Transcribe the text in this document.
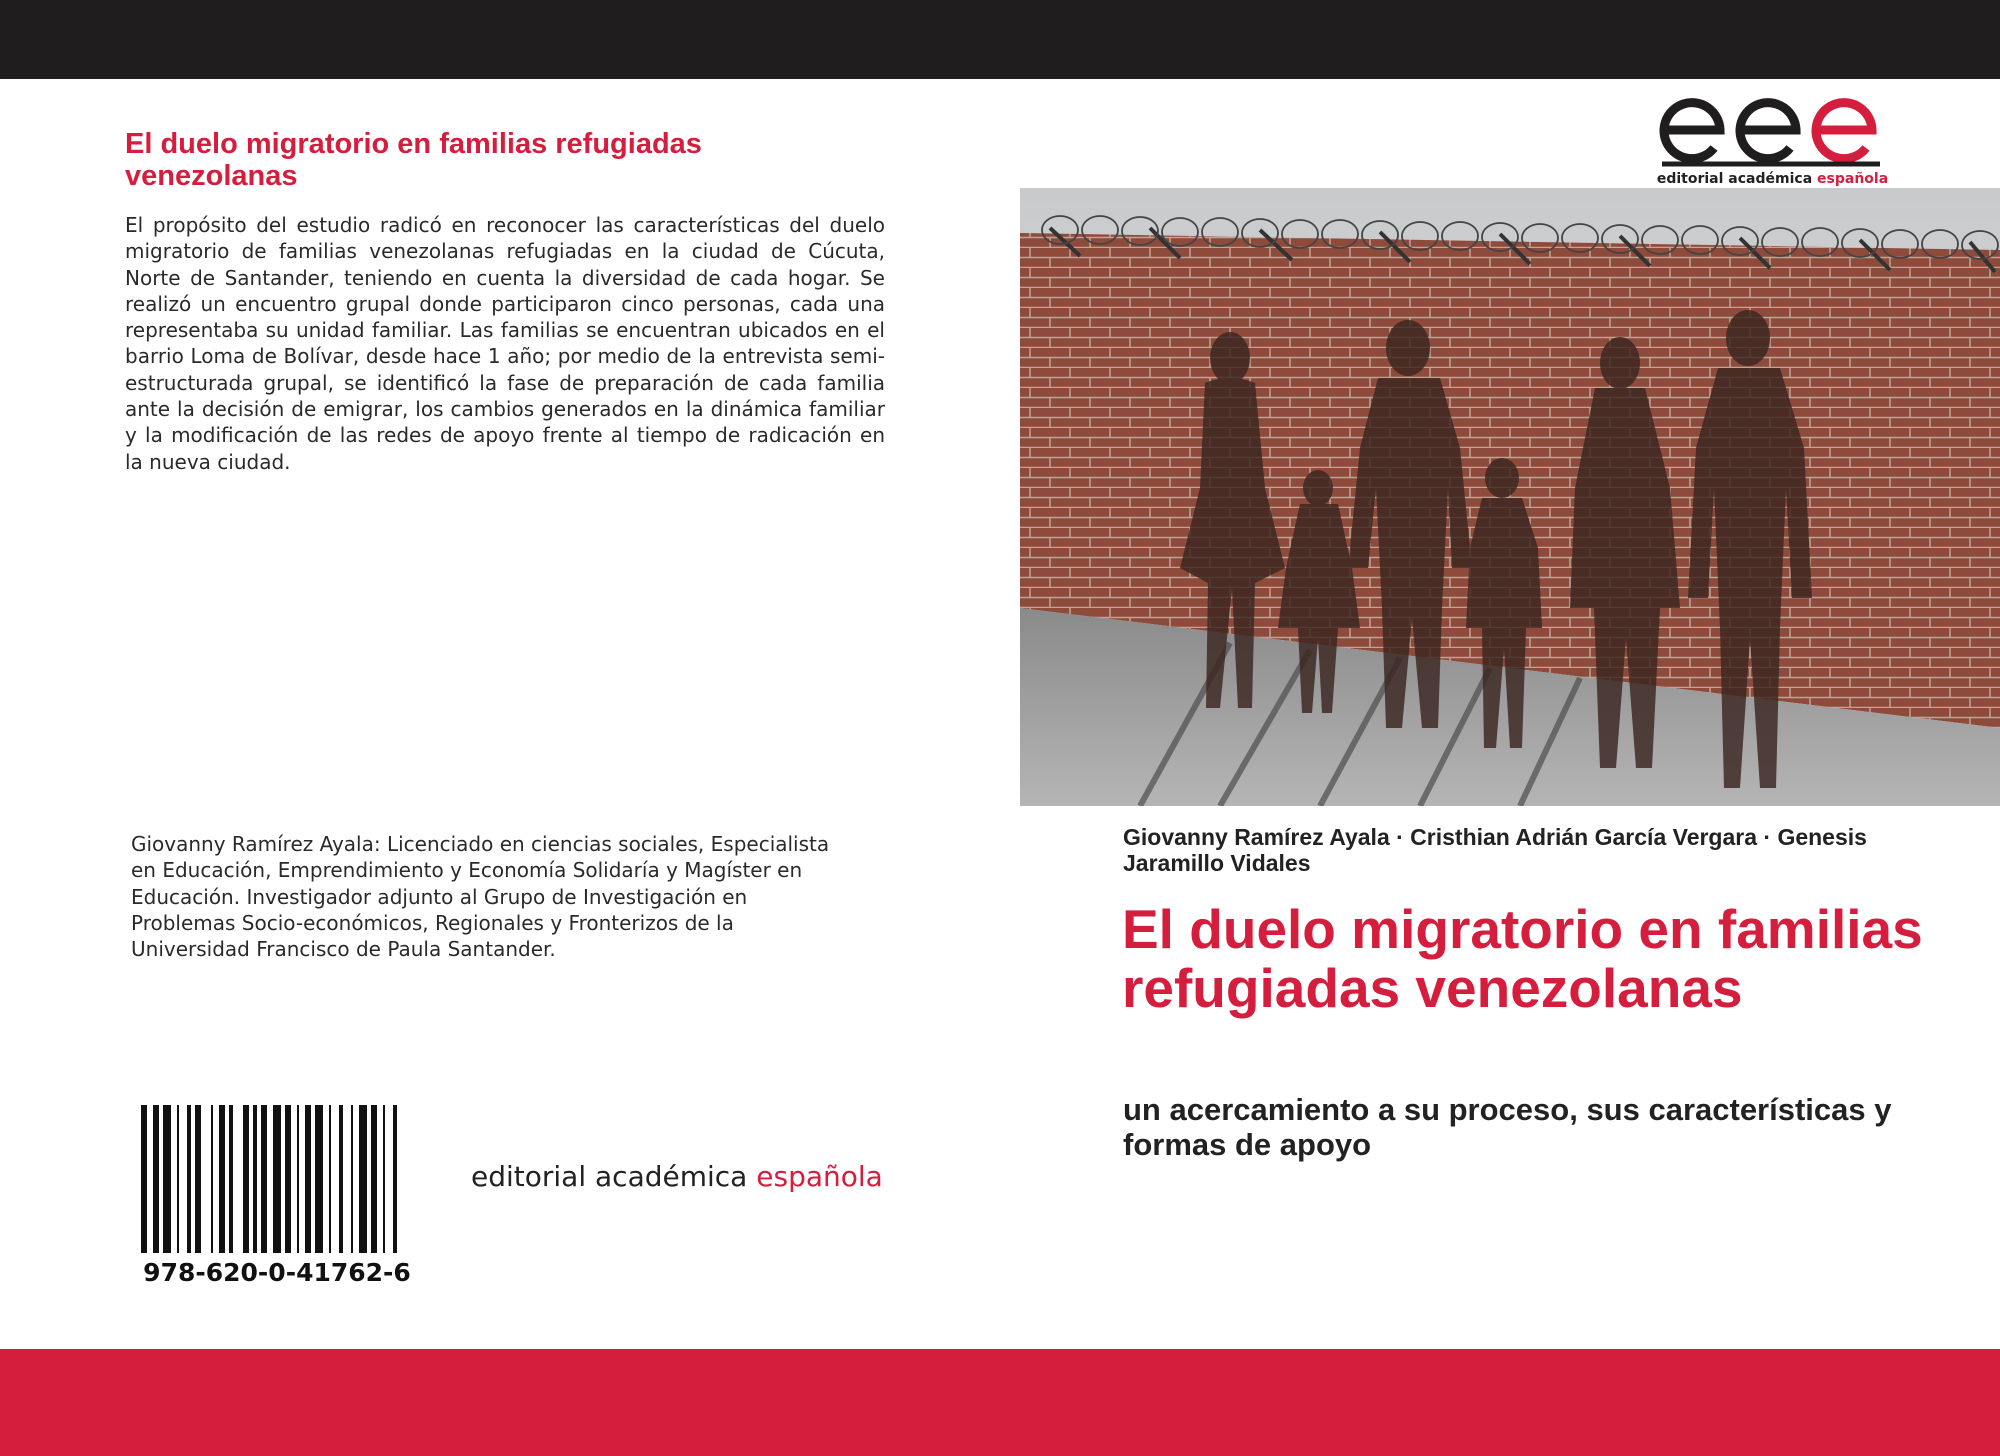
El duelo migratorio en familias refugiadas venezolanas

El propósito del estudio radicó en reconocer las características del duelo migratorio de familias venezolanas refugiadas en la ciudad de Cúcuta, Norte de Santander, teniendo en cuenta la diversidad de cada hogar. Se realizó un encuentro grupal donde participaron cinco personas, cada una representaba su unidad familiar. Las familias se encuentran ubicados en el barrio Loma de Bolívar, desde hace 1 año; por medio de la entrevista semi-estructurada grupal, se identificó la fase de preparación de cada familia ante la decisión de emigrar, los cambios generados en la dinámica familiar y la modificación de las redes de apoyo frente al tiempo de radicación en la nueva ciudad.

Giovanny Ramírez Ayala: Licenciado en ciencias sociales, Especialista en Educación, Emprendimiento y Economía Solidaría y Magíster en Educación. Investigador adjunto al Grupo de Investigación en Problemas Socio-económicos, Regionales y Fronterizos de la Universidad Francisco de Paula Santander.

978-620-0-41762-6
editorial académica española
editorial académica española

Giovanny Ramírez Ayala · Cristhian Adrián García Vergara · Genesis Jaramillo Vidales

El duelo migratorio en familias refugiadas venezolanas

un acercamiento a su proceso, sus características y formas de apoyo
